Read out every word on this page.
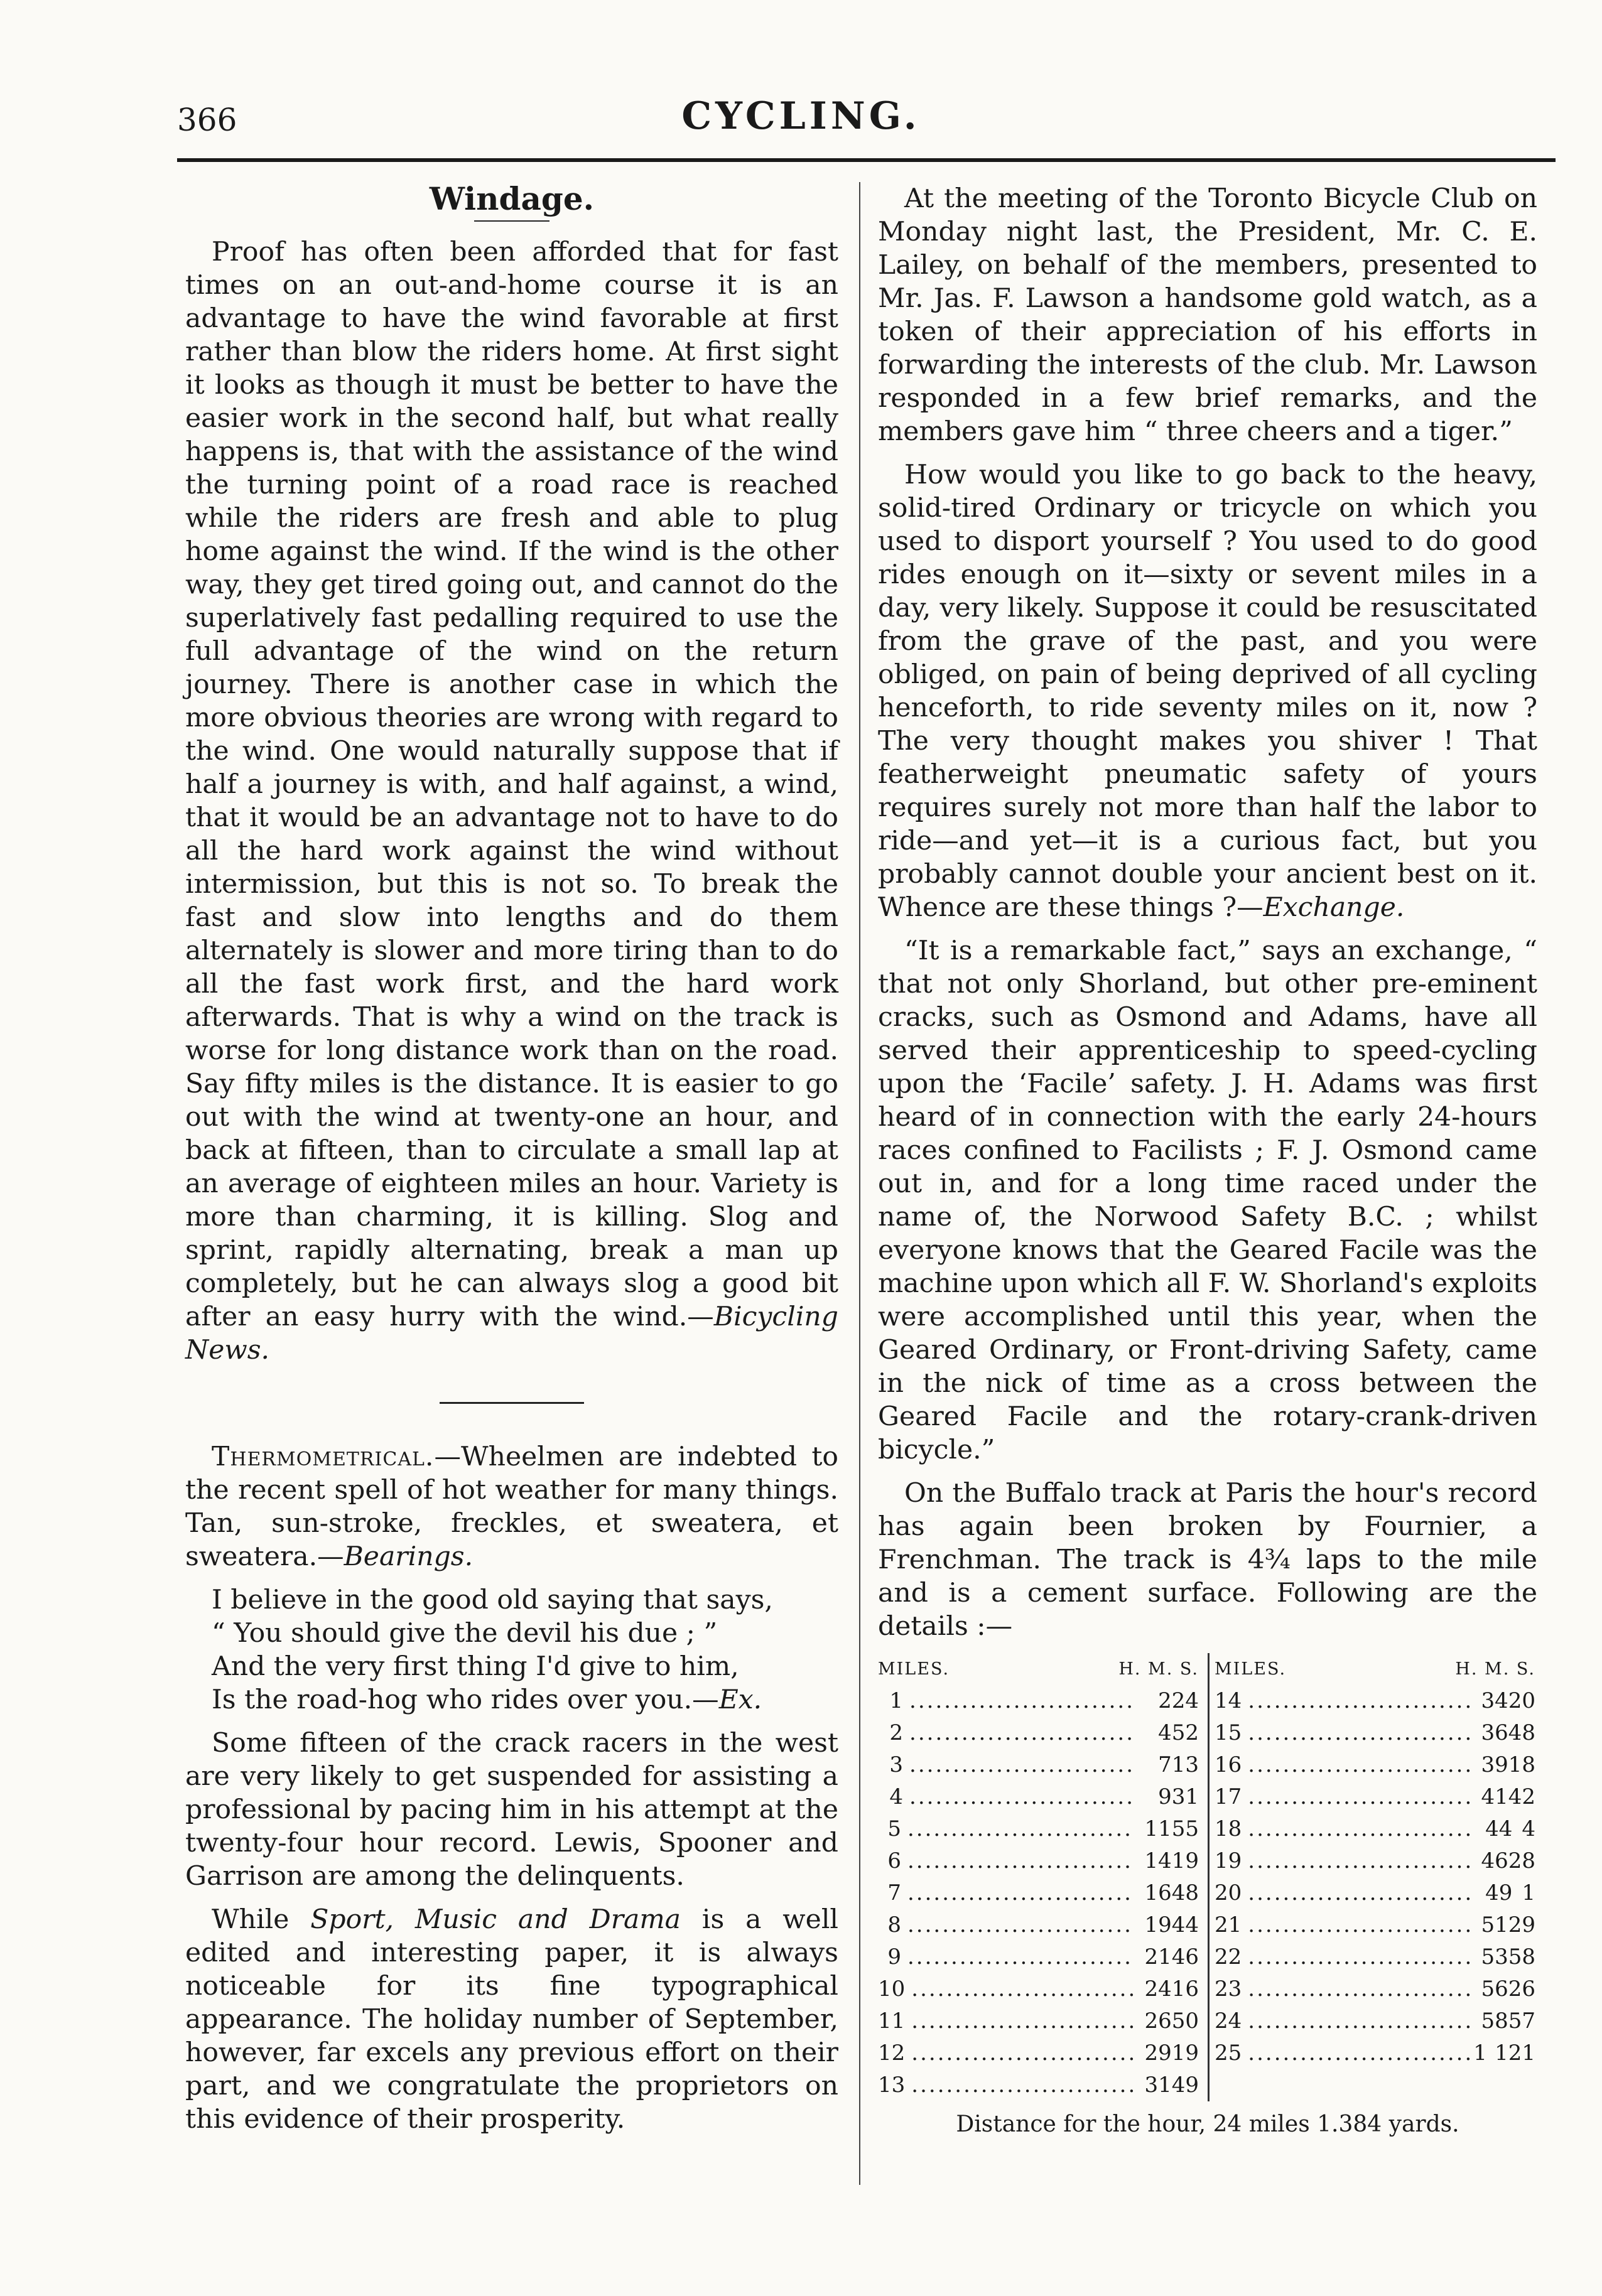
366	CYCLING.
Windage.

Proof has often been afforded that for fast times on an out-and-home course it is an advantage to have the wind favorable at first rather than blow the riders home. At first sight it looks as though it must be better to have the easier work in the second half, but what really happens is, that with the assistance of the wind the turning point of a road race is reached while the riders are fresh and able to plug home against the wind. If the wind is the other way, they get tired going out, and cannot do the superlatively fast pedalling required to use the full advantage of the wind on the return journey. There is another case in which the more obvious theories are wrong with regard to the wind. One would naturally suppose that if half a journey is with, and half against, a wind, that it would be an advantage not to have to do all the hard work against the wind without intermission, but this is not so. To break the fast and slow into lengths and do them alternately is slower and more tiring than to do all the fast work first, and the hard work afterwards. That is why a wind on the track is worse for long distance work than on the road. Say fifty miles is the distance. It is easier to go out with the wind at twenty-one an hour, and back at fifteen, than to circulate a small lap at an average of eighteen miles an hour. Variety is more than charming, it is killing. Slog and sprint, rapidly alternating, break a man up completely, but he can always slog a good bit after an easy hurry with the wind.—Bicycling News.

Thermometrical.—Wheelmen are indebted to the recent spell of hot weather for many things. Tan, sun-stroke, freckles, et sweatera, et sweatera.—Bearings.

I believe in the good old saying that says,
“ You should give the devil his due ; ”
And the very first thing I'd give to him,
Is the road-hog who rides over you.—Ex.

Some fifteen of the crack racers in the west are very likely to get suspended for assisting a professional by pacing him in his attempt at the twenty-four hour record. Lewis, Spooner and Garrison are among the delinquents.

While Sport, Music and Drama is a well edited and interesting paper, it is always noticeable for its fine typographical appearance. The holiday number of September, however, far excels any previous effort on their part, and we congratulate the proprietors on this evidence of their prosperity.

At the meeting of the Toronto Bicycle Club on Monday night last, the President, Mr. C. E. Lailey, on behalf of the members, presented to Mr. Jas. F. Lawson a handsome gold watch, as a token of their appreciation of his efforts in forwarding the interests of the club. Mr. Lawson responded in a few brief remarks, and the members gave him “ three cheers and a tiger.”

How would you like to go back to the heavy, solid-tired Ordinary or tricycle on which you used to disport yourself ? You used to do good rides enough on it—sixty or sevent miles in a day, very likely. Suppose it could be resuscitated from the grave of the past, and you were obliged, on pain of being deprived of all cycling henceforth, to ride seventy miles on it, now ? The very thought makes you shiver ! That featherweight pneumatic safety of yours requires surely not more than half the labor to ride—and yet—it is a curious fact, but you probably cannot double your ancient best on it. Whence are these things ?—Exchange.

“It is a remarkable fact,” says an exchange, “ that not only Shorland, but other pre-eminent cracks, such as Osmond and Adams, have all served their apprenticeship to speed-cycling upon the ‘Facile’ safety. J. H. Adams was first heard of in connection with the early 24-hours races confined to Facilists ; F. J. Osmond came out in, and for a long time raced under the name of, the Norwood Safety B.C. ; whilst everyone knows that the Geared Facile was the machine upon which all F. W. Shorland's exploits were accomplished until this year, when the Geared Ordinary, or Front-driving Safety, came in the nick of time as a cross between the Geared Facile and the rotary-crank-driven bicycle.”

On the Buffalo track at Paris the hour's record has again been broken by Fournier, a Frenchman. The track is 4¾ laps to the mile and is a cement surface. Following are the details :—

MILES.	H. M. S.
1 ..........................	2 24
2 ..........................	4 52
3 ..........................	7 13
4 ..........................	9 31
5 .......................... 11 55
6 .......................... 14 19
7 .......................... 16 48
8 .......................... 19 44
9 .......................... 21 46
10 .......................... 24 16
11 .......................... 26 50
12 .......................... 29 19
13 .......................... 31 49
MILES.	H. M. S.
14 .......................... 34 20
15 .......................... 36 48
16 .......................... 39 18
17 .......................... 41 42
18 .......................... 44 4
19 .......................... 46 28
20 .......................... 49 1
21 .......................... 51 29
22 .......................... 53 58
23 .......................... 56 26
24 .......................... 58 57
25 .......................... 1 1 21
Distance for the hour, 24 miles 1.384 yards.
